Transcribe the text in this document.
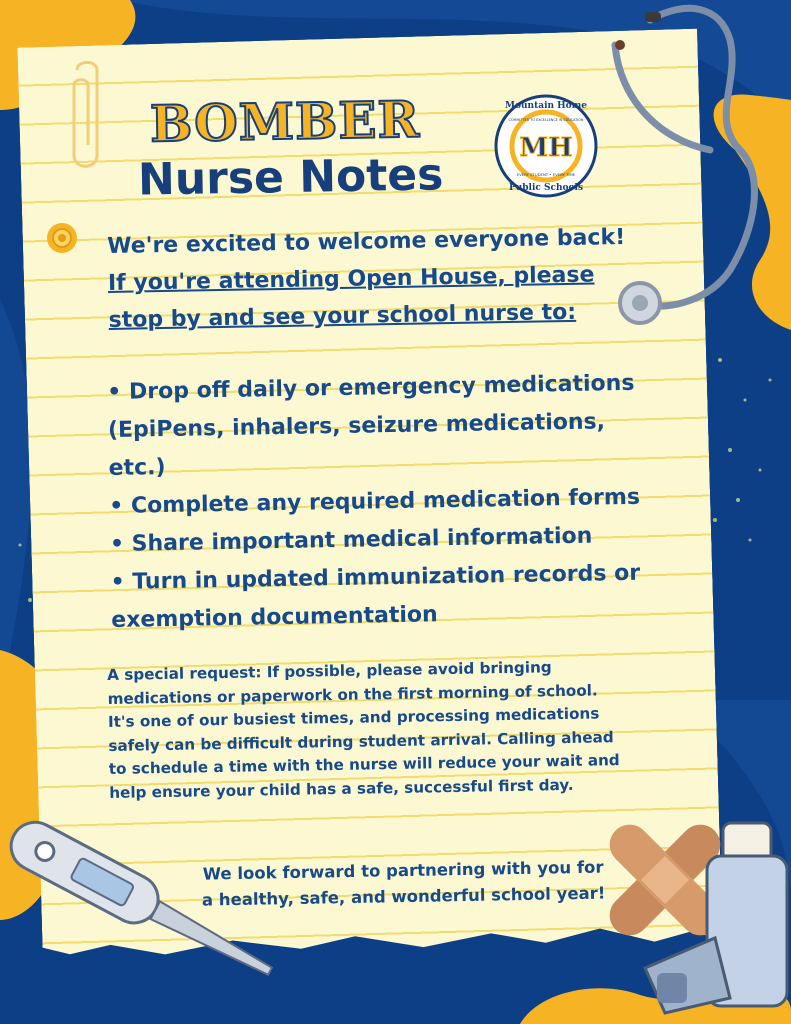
BOMBER
Nurse Notes
Mountain Home
MH
COMMITTED TO EXCELLENCE IN EDUCATION
EVERY STUDENT • EVERY TIME
Public Schools
We're excited to welcome everyone back!
If you're attending Open House, please
stop by and see your school nurse to:
• Drop off daily or emergency medications
(EpiPens, inhalers, seizure medications,
etc.)
• Complete any required medication forms
• Share important medical information
• Turn in updated immunization records or
exemption documentation
A special request: If possible, please avoid bringing
medications or paperwork on the first morning of school.
It's one of our busiest times, and processing medications
safely can be difficult during student arrival. Calling ahead
to schedule a time with the nurse will reduce your wait and
help ensure your child has a safe, successful first day.
We look forward to partnering with you for
a healthy, safe, and wonderful school year!
